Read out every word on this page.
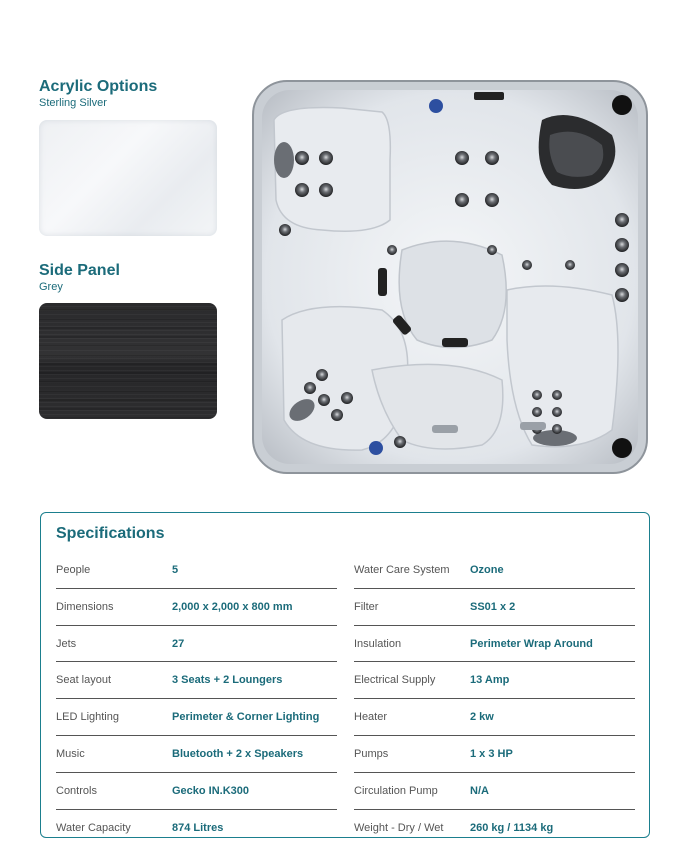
Acrylic Options
Sterling Silver
Side Panel
Grey
Specifications
People	5
Dimensions	2,000 x 2,000 x 800 mm
Jets	27
Seat layout	3 Seats + 2 Loungers
LED Lighting	Perimeter & Corner Lighting
Music	Bluetooth + 2 x Speakers
Controls	Gecko IN.K300
Water Capacity	874 Litres
Water Care System Ozone
Filter	SS01 x 2
Insulation	Perimeter Wrap Around
Electrical Supply	13 Amp
Heater	2 kw
Pumps	1 x 3 HP
Circulation Pump	N/A
Weight - Dry / Wet 260 kg / 1134 kg
